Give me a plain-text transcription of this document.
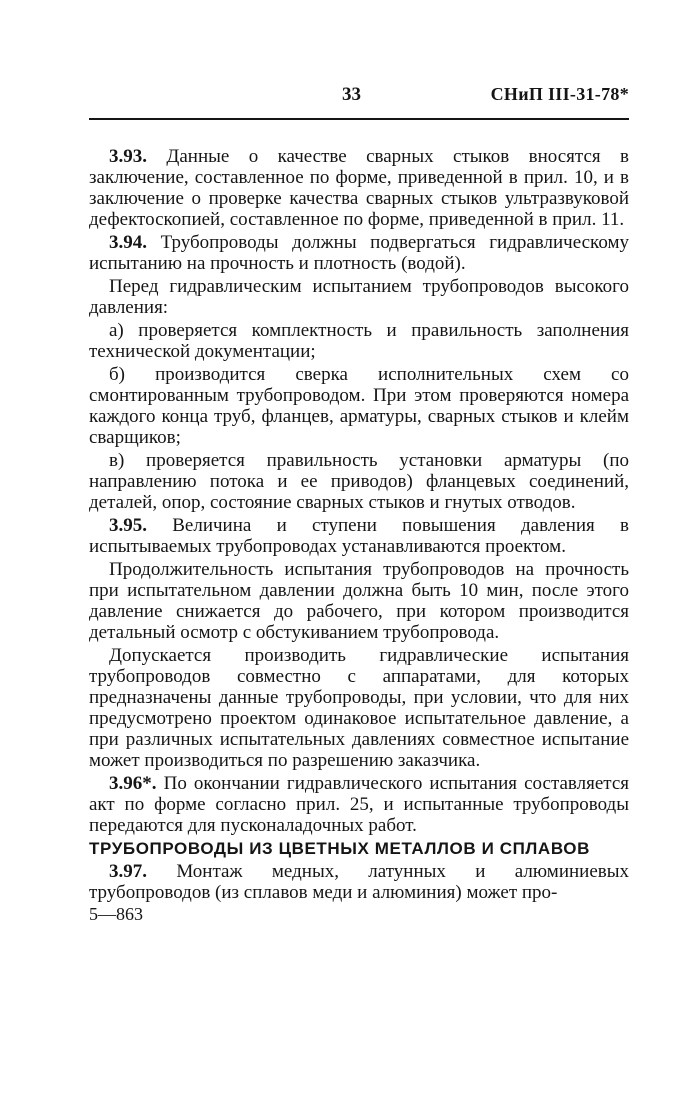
33	СНиП III-31-78*

3.93. Данные о качестве сварных стыков вносятся в заключение, составленное по форме, приведенной в прил. 10, и в заключение о проверке качества сварных стыков ультразвуковой дефектоскопией, составленное по форме, приведенной в прил. 11.

3.94. Трубопроводы должны подвергаться гидравлическому испытанию на прочность и плотность (водой).

Перед гидравлическим испытанием трубопроводов высокого давления:

а) проверяется комплектность и правильность заполнения технической документации;

б) производится сверка исполнительных схем со смонтированным трубопроводом. При этом проверяются номера каждого конца труб, фланцев, арматуры, сварных стыков и клейм сварщиков;

в) проверяется правильность установки арматуры (по направлению потока и ее приводов) фланцевых соединений, деталей, опор, состояние сварных стыков и гнутых отводов.

3.95. Величина и ступени повышения давления в испытываемых трубопроводах устанавливаются проектом.

Продолжительность испытания трубопроводов на прочность при испытательном давлении должна быть 10 мин, после этого давление снижается до рабочего, при котором производится детальный осмотр с обстукиванием трубопровода.

Допускается производить гидравлические испытания трубопроводов совместно с аппаратами, для которых предназначены данные трубопроводы, при условии, что для них предусмотрено проектом одинаковое испытательное давление, а при различных испытательных давлениях совместное испытание может производиться по разрешению заказчика.

3.96*. По окончании гидравлического испытания составляется акт по форме согласно прил. 25, и испытанные трубопроводы передаются для пусконаладочных работ.

ТРУБОПРОВОДЫ ИЗ ЦВЕТНЫХ МЕТАЛЛОВ И СПЛАВОВ

3.97. Монтаж медных, латунных и алюминиевых трубопроводов (из сплавов меди и алюминия) может про-

5—863
